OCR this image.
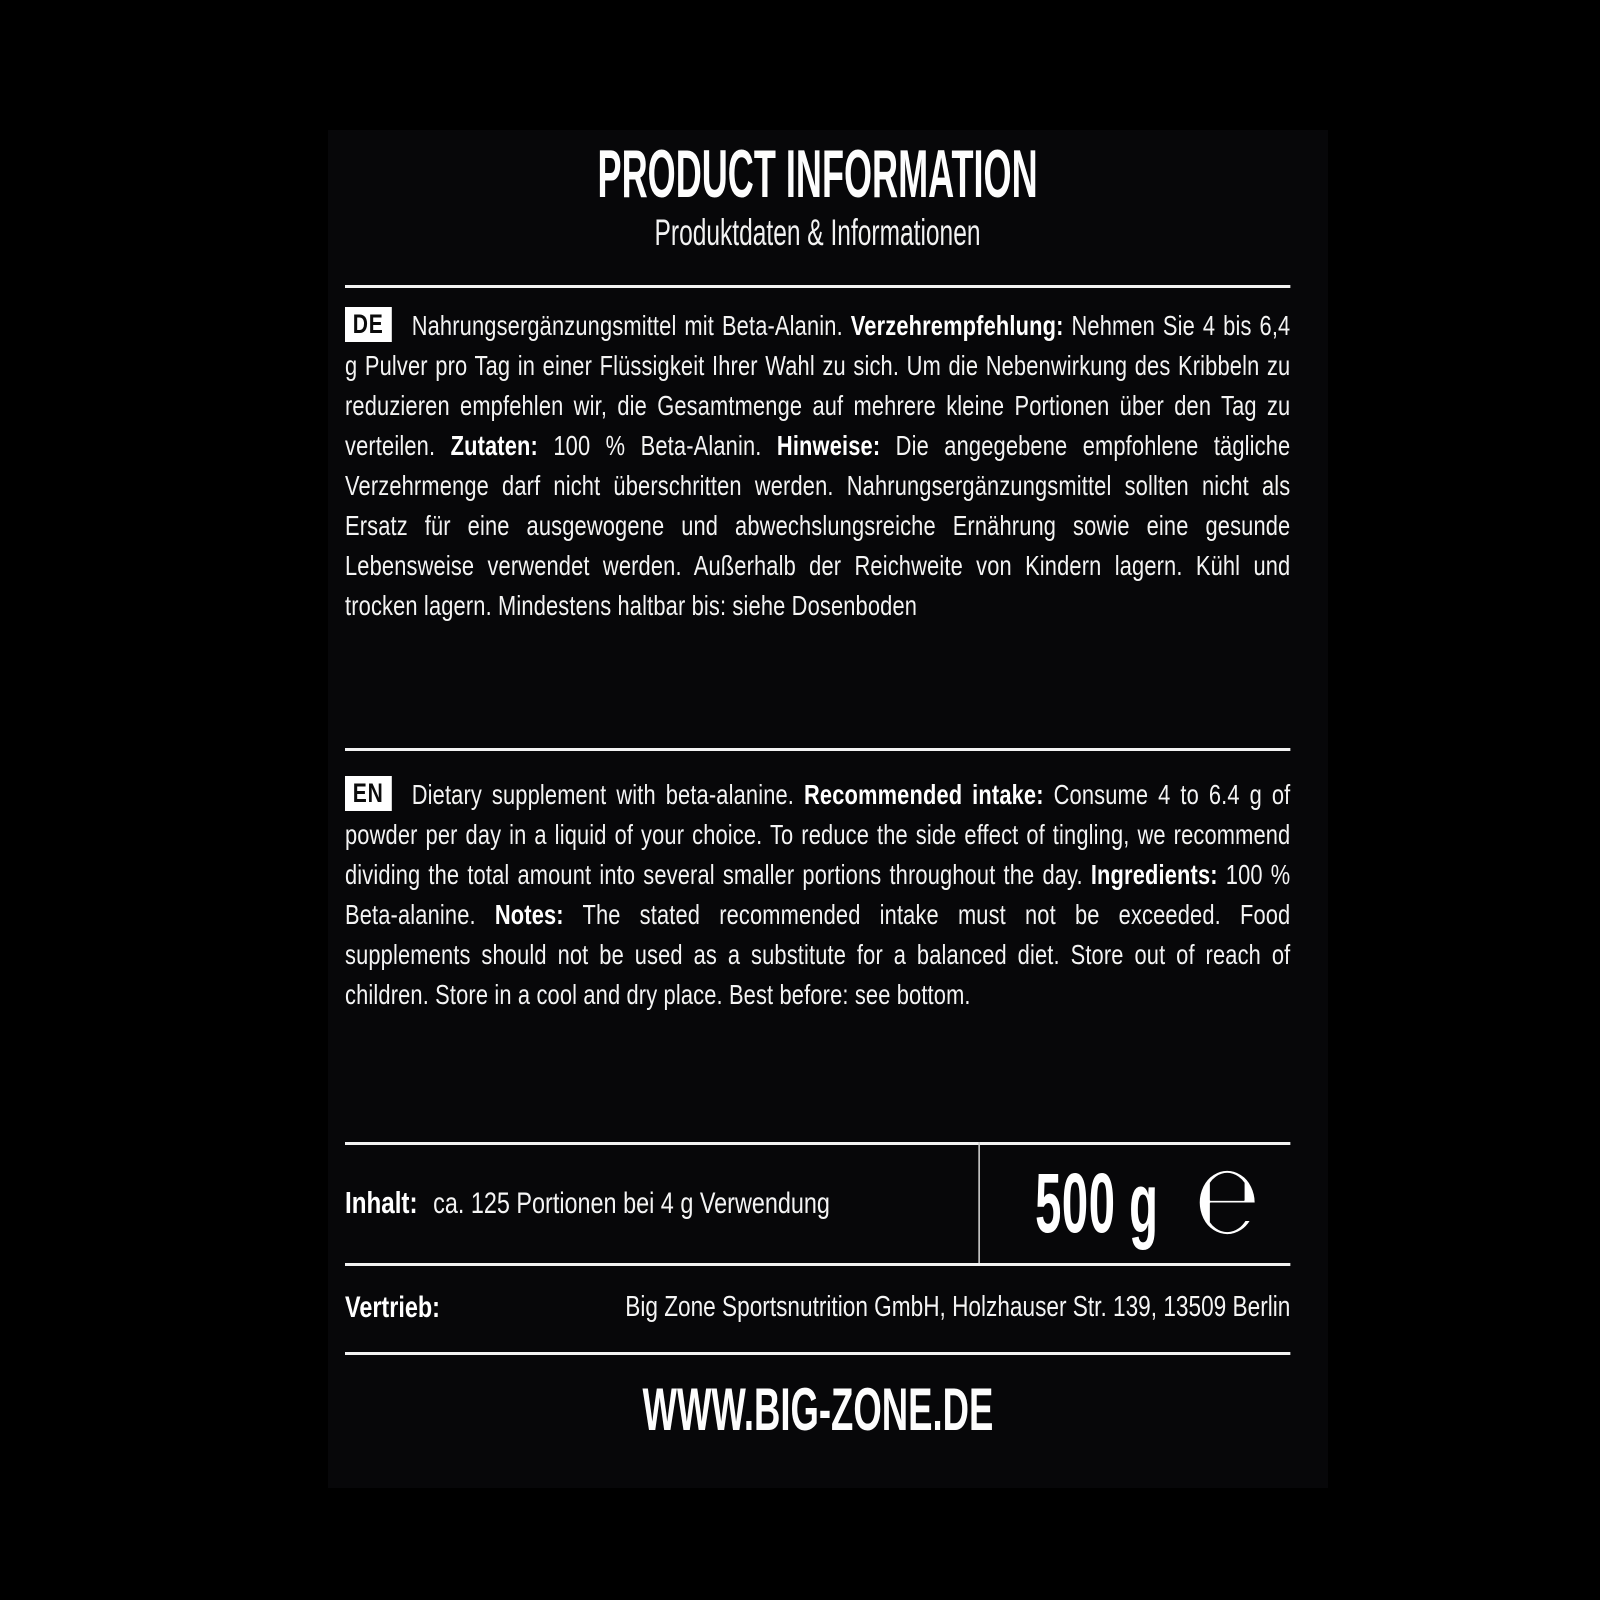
PRODUCT INFORMATION
Produktdaten & Informationen
DE Nahrungsergänzungsmittel mit Beta-Alanin. Verzehrempfehlung: Nehmen Sie 4 bis 6,4 g Pulver pro Tag in einer Flüssigkeit Ihrer Wahl zu sich. Um die Nebenwirkung des Kribbeln zu reduzieren empfehlen wir, die Gesamtmenge auf mehrere kleine Portionen über den Tag zu verteilen. Zutaten: 100 % Beta-Alanin. Hinweise: Die angegebene empfohlene tägliche Verzehrmenge darf nicht überschritten werden. Nahrungsergänzungsmittel sollten nicht als Ersatz für eine ausgewogene und abwechslungsreiche Ernährung sowie eine gesunde Lebensweise verwendet werden. Außerhalb der Reichweite von Kindern lagern. Kühl und trocken lagern. Mindestens haltbar bis: siehe Dosenboden
EN Dietary supplement with beta-alanine. Recommended intake: Consume 4 to 6.4 g of powder per day in a liquid of your choice. To reduce the side effect of tingling, we recommend dividing the total amount into several smaller portions throughout the day. Ingredients: 100 % Beta-alanine. Notes: The stated recommended intake must not be exceeded. Food supplements should not be used as a substitute for a balanced diet. Store out of reach of children. Store in a cool and dry place. Best before: see bottom.
Inhalt: ca. 125 Portionen bei 4 g Verwendung 500 g ℮
Vertrieb:	Big Zone Sportsnutrition GmbH, Holzhauser Str. 139, 13509 Berlin
WWW.BIG-ZONE.DE
